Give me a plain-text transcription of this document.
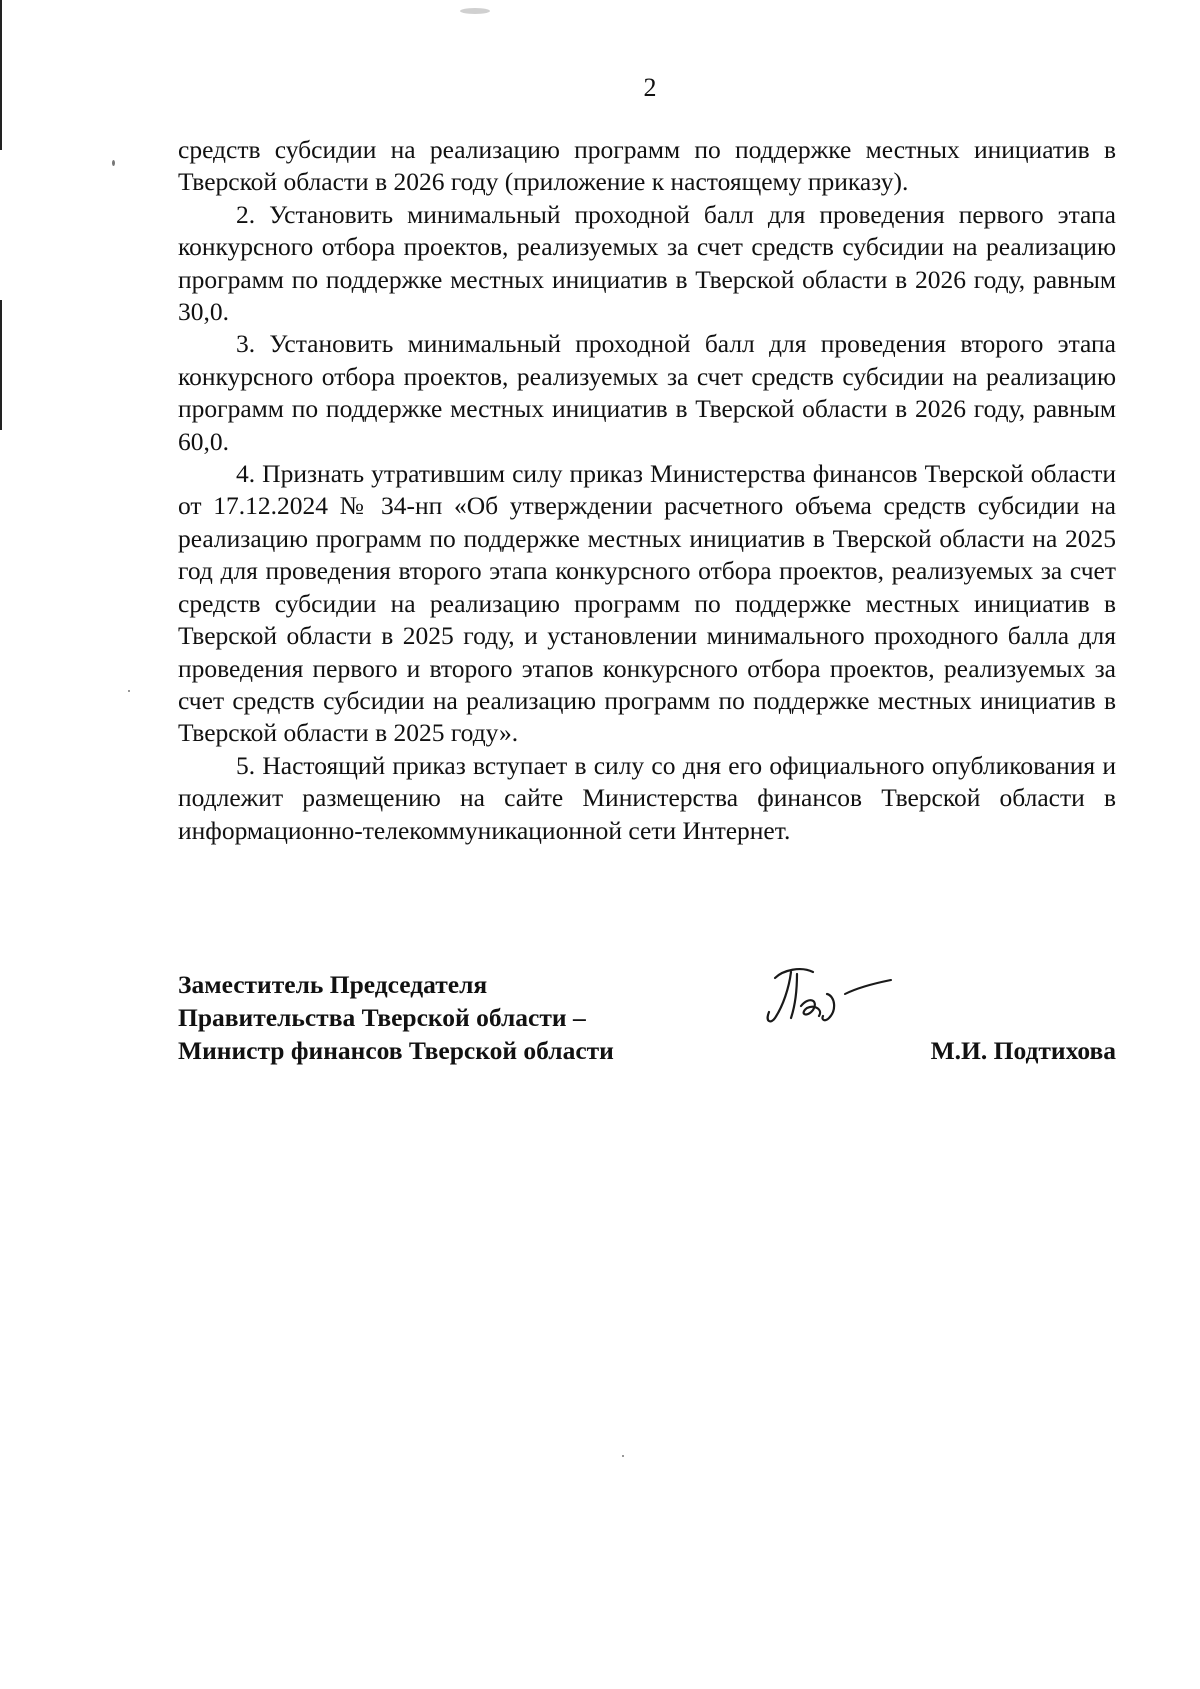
2

средств субсидии на реализацию программ по поддержке местных инициатив в Тверской области в 2026 году (приложение к настоящему приказу).

2. Установить минимальный проходной балл для проведения первого этапа конкурсного отбора проектов, реализуемых за счет средств субсидии на реализацию программ по поддержке местных инициатив в Тверской области в 2026 году, равным 30,0.

3. Установить минимальный проходной балл для проведения второго этапа конкурсного отбора проектов, реализуемых за счет средств субсидии на реализацию программ по поддержке местных инициатив в Тверской области в 2026 году, равным 60,0.

4. Признать утратившим силу приказ Министерства финансов Тверской области от 17.12.2024 № 34-нп «Об утверждении расчетного объема средств субсидии на реализацию программ по поддержке местных инициатив в Тверской области на 2025 год для проведения второго этапа конкурсного отбора проектов, реализуемых за счет средств субсидии на реализацию программ по поддержке местных инициатив в Тверской области в 2025 году, и установлении минимального проходного балла для проведения первого и второго этапов конкурсного отбора проектов, реализуемых за счет средств субсидии на реализацию программ по поддержке местных инициатив в Тверской области в 2025 году».

5. Настоящий приказ вступает в силу со дня его официального опубликования и подлежит размещению на сайте Министерства финансов Тверской области в информационно-телекоммуникационной сети Интернет.

Заместитель Председателя
Правительства Тверской области –
Министр финансов Тверской области	М.И. Подтихова
